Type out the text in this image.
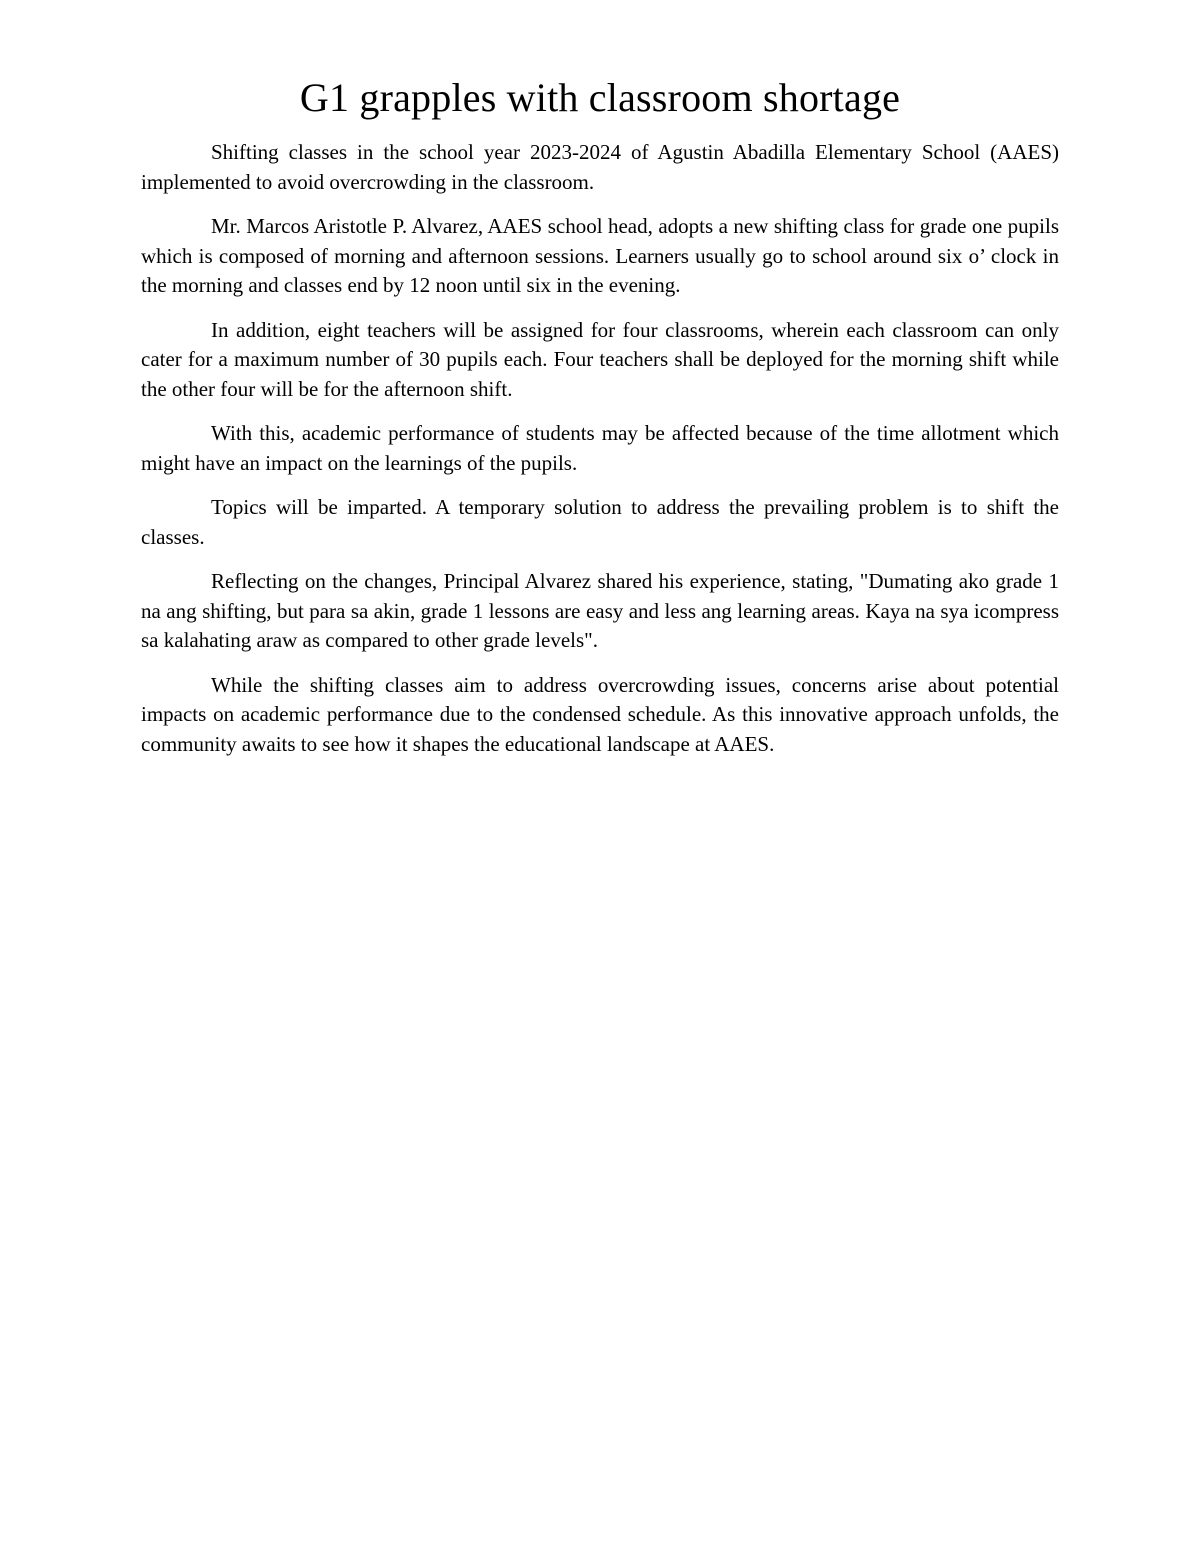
G1 grapples with classroom shortage

Shifting classes in the school year 2023-2024 of Agustin Abadilla Elementary School (AAES) implemented to avoid overcrowding in the classroom.

Mr. Marcos Aristotle P. Alvarez, AAES school head, adopts a new shifting class for grade one pupils which is composed of morning and afternoon sessions. Learners usually go to school around six o’ clock in the morning and classes end by 12 noon until six in the evening.

In addition, eight teachers will be assigned for four classrooms, wherein each classroom can only cater for a maximum number of 30 pupils each. Four teachers shall be deployed for the morning shift while the other four will be for the afternoon shift.

With this, academic performance of students may be affected because of the time allotment which might have an impact on the learnings of the pupils.

Topics will be imparted. A temporary solution to address the prevailing problem is to shift the classes.

Reflecting on the changes, Principal Alvarez shared his experience, stating, "Dumating ako grade 1 na ang shifting, but para sa akin, grade 1 lessons are easy and less ang learning areas. Kaya na sya icompress sa kalahating araw as compared to other grade levels".

While the shifting classes aim to address overcrowding issues, concerns arise about potential impacts on academic performance due to the condensed schedule. As this innovative approach unfolds, the community awaits to see how it shapes the educational landscape at AAES.
